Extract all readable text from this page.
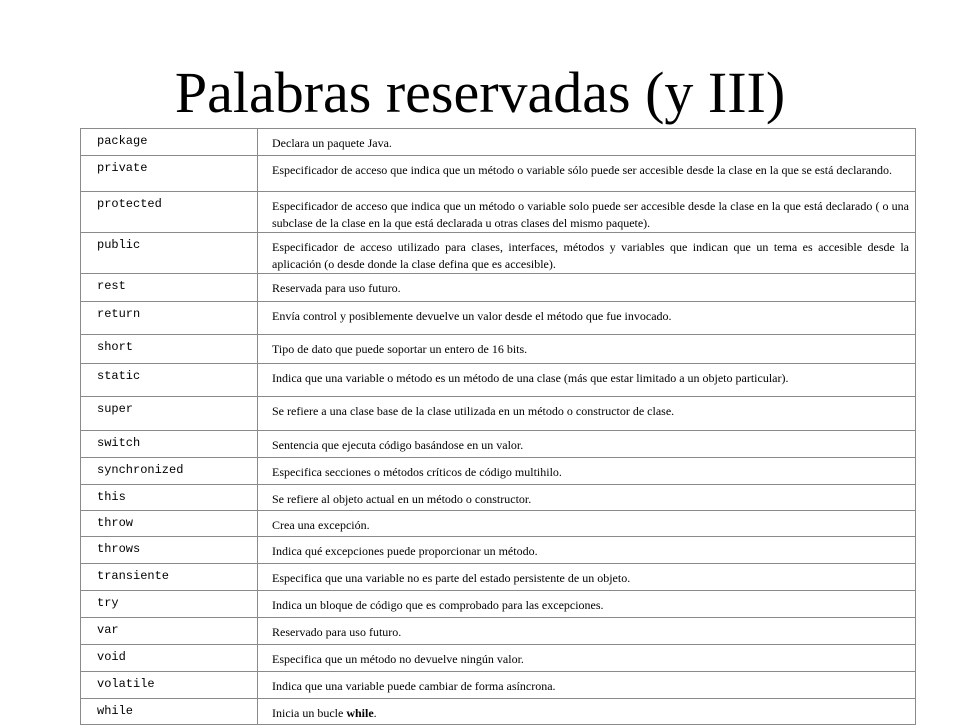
Palabras reservadas (y III)
package	Declara un paquete Java.
private	Especificador de acceso que indica que un método o variable sólo puede ser accesible desde la clase en la que se está declarando.
protected	Especificador de acceso que indica que un método o variable solo puede ser accesible desde la clase en la que está declarado ( o una subclase de la clase en la que está declarada u otras clases del mismo paquete).
public	Especificador de acceso utilizado para clases, interfaces, métodos y variables que indican que un tema es accesible desde la aplicación (o desde donde la clase defina que es accesible).
rest	Reservada para uso futuro.
return	Envía control y posiblemente devuelve un valor desde el método que fue invocado.
short	Tipo de dato que puede soportar un entero de 16 bits.
static	Indica que una variable o método es un método de una clase (más que estar limitado a un objeto particular).
super	Se refiere a una clase base de la clase utilizada en un método o constructor de clase.
switch	Sentencia que ejecuta código basándose en un valor.
synchronized	Especifica secciones o métodos críticos de código multihilo.
this	Se refiere al objeto actual en un método o constructor.
throw	Crea una excepción.
throws	Indica qué excepciones puede proporcionar un método.
transiente	Especifica que una variable no es parte del estado persistente de un objeto.
try	Indica un bloque de código que es comprobado para las excepciones.
var	Reservado para uso futuro.
void	Especifica que un método no devuelve ningún valor.
volatile	Indica que una variable puede cambiar de forma asíncrona.
while	Inicia un bucle while.
